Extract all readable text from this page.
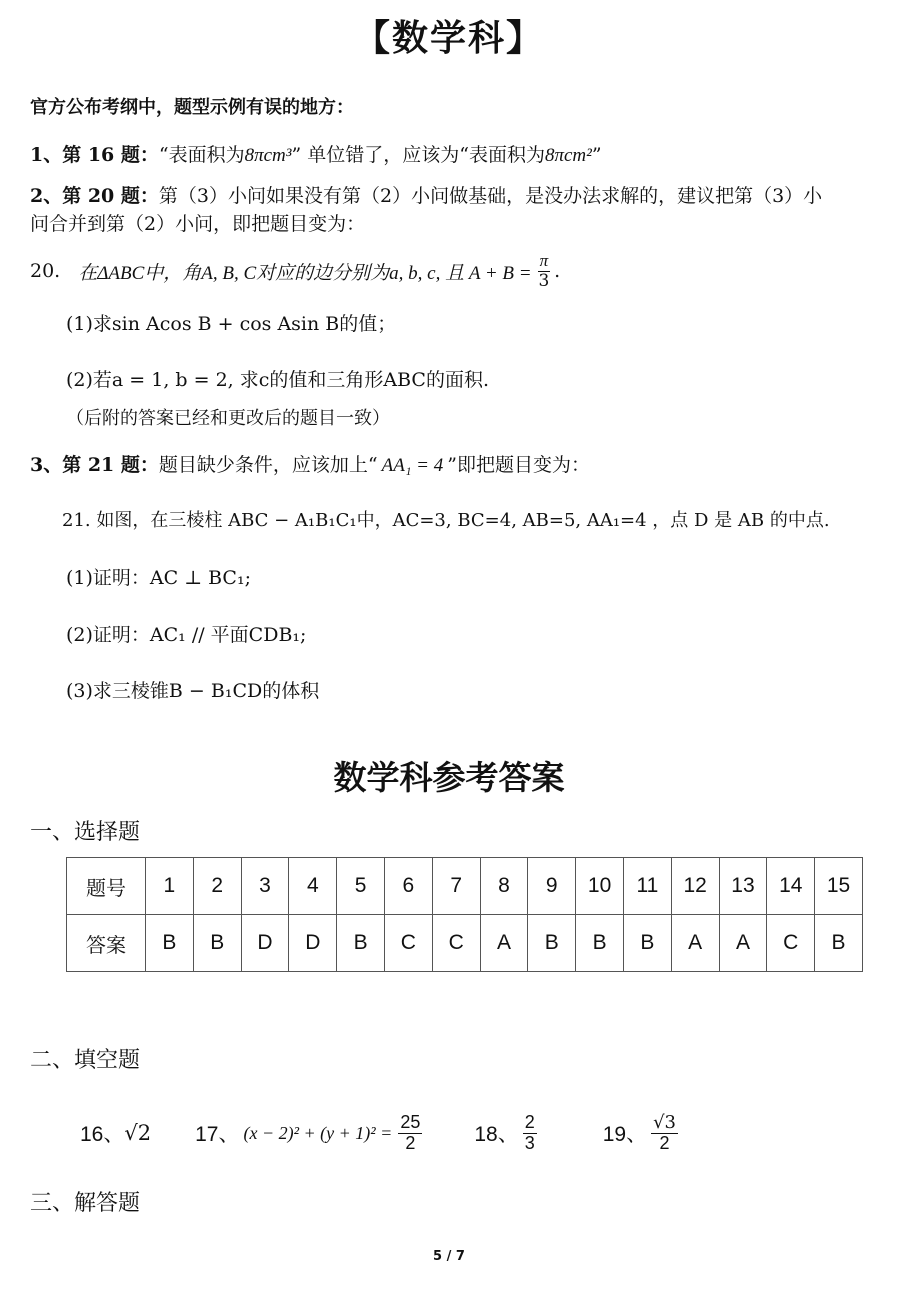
【数学科】
官方公布考纲中，题型示例有误的地方：
1、第 16 题：“表面积为8πcm³” 单位错了，应该为“表面积为8πcm²”
2、第 20 题：第（3）小问如果没有第（2）小问做基础，是没办法求解的，建议把第（3）小
问合并到第（2）小问，即把题目变为：
20. 在ΔABC中，角A, B, C对应的边分别为a, b, c, 且 $A + B = \frac{\pi}{3}$ .
(1)求sin Acos B + cos Asin B的值；
(2)若a = 1, b = 2, 求c的值和三角形ABC的面积.
（后附的答案已经和更改后的题目一致）
3、第 21 题：题目缺少条件，应该加上“ AA₁ = 4 ”即把题目变为：
21. 如图，在三棱柱 ABC − A₁B₁C₁中，AC=3, BC=4, AB=5, AA₁=4 ，点 D 是 AB 的中点.
(1)证明：AC ⊥ BC₁;
(2)证明：AC₁ // 平面CDB₁;
(3)求三棱锥B − B₁CD的体积
数学科参考答案
一、选择题
题号	1	2	3	4	5	6	7	8	9	10	11	12	13	14	15
答案	B	B	D	D	B	C	C	A	B	B	B	A	A	C	B
二、填空题
16、 √2 17、 $(x - 2)^2 + (y + 1)^2 = \frac{25}{2} 18$、 $\frac{2}{3}$	19、 $\frac{√3}{2}$
三、解答题
5 / 7
